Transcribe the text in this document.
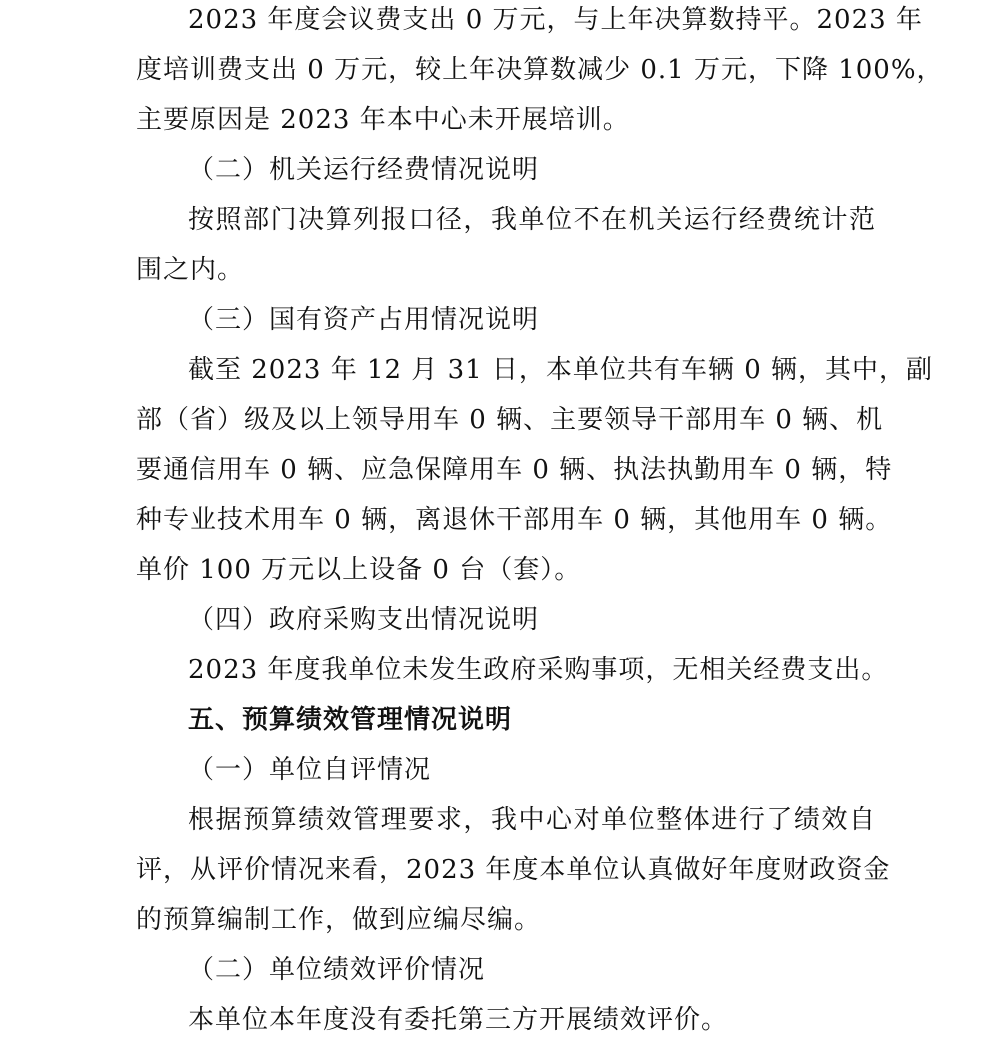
2023 年度会议费支出 0 万元，与上年决算数持平。2023 年
度培训费支出 0 万元，较上年决算数减少 0.1 万元，下降 100%，
主要原因是 2023 年本中心未开展培训。
（二）机关运行经费情况说明
按照部门决算列报口径，我单位不在机关运行经费统计范
围之内。
（三）国有资产占用情况说明
截至 2023 年 12 月 31 日，本单位共有车辆 0 辆，其中，副
部（省）级及以上领导用车 0 辆、主要领导干部用车 0 辆、机
要通信用车 0 辆、应急保障用车 0 辆、执法执勤用车 0 辆，特
种专业技术用车 0 辆，离退休干部用车 0 辆，其他用车 0 辆。
单价 100 万元以上设备 0 台（套）。
（四）政府采购支出情况说明
2023 年度我单位未发生政府采购事项，无相关经费支出。
五、预算绩效管理情况说明
（一）单位自评情况
根据预算绩效管理要求，我中心对单位整体进行了绩效自
评，从评价情况来看，2023 年度本单位认真做好年度财政资金
的预算编制工作，做到应编尽编。
（二）单位绩效评价情况
本单位本年度没有委托第三方开展绩效评价。
